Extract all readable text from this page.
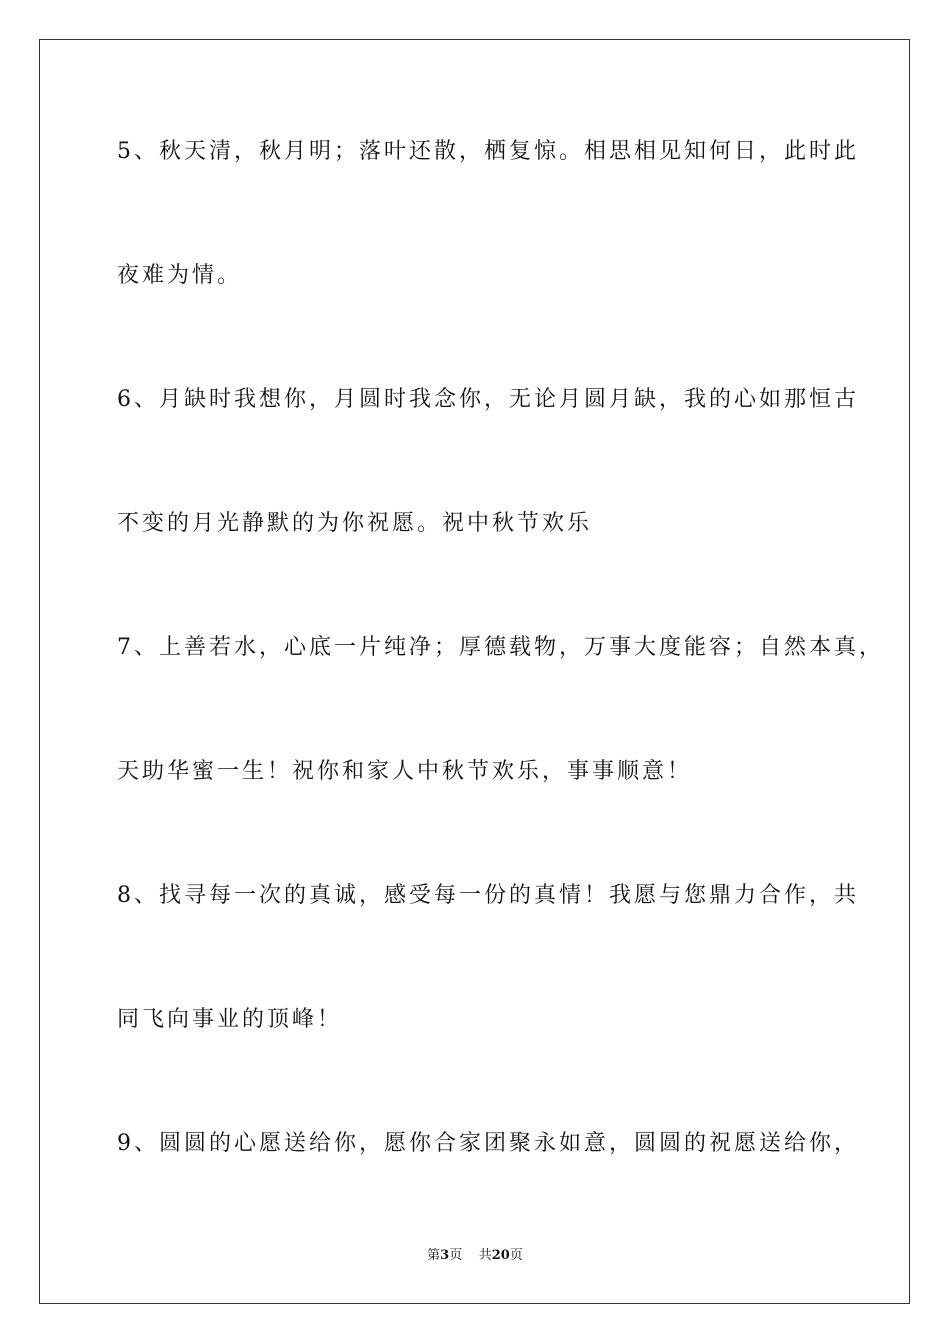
5、秋天清，秋月明；落叶还散，栖复惊。相思相见知何日，此时此
夜难为情。
6、月缺时我想你，月圆时我念你，无论月圆月缺，我的心如那恒古
不变的月光静默的为你祝愿。祝中秋节欢乐
7、上善若水，心底一片纯净；厚德载物，万事大度能容；自然本真，
天助华蜜一生！祝你和家人中秋节欢乐，事事顺意！
8、找寻每一次的真诚，感受每一份的真情！我愿与您鼎力合作，共
同飞向事业的顶峰！
9、圆圆的心愿送给你，愿你合家团聚永如意，圆圆的祝愿送给你，
第3页 共20页
